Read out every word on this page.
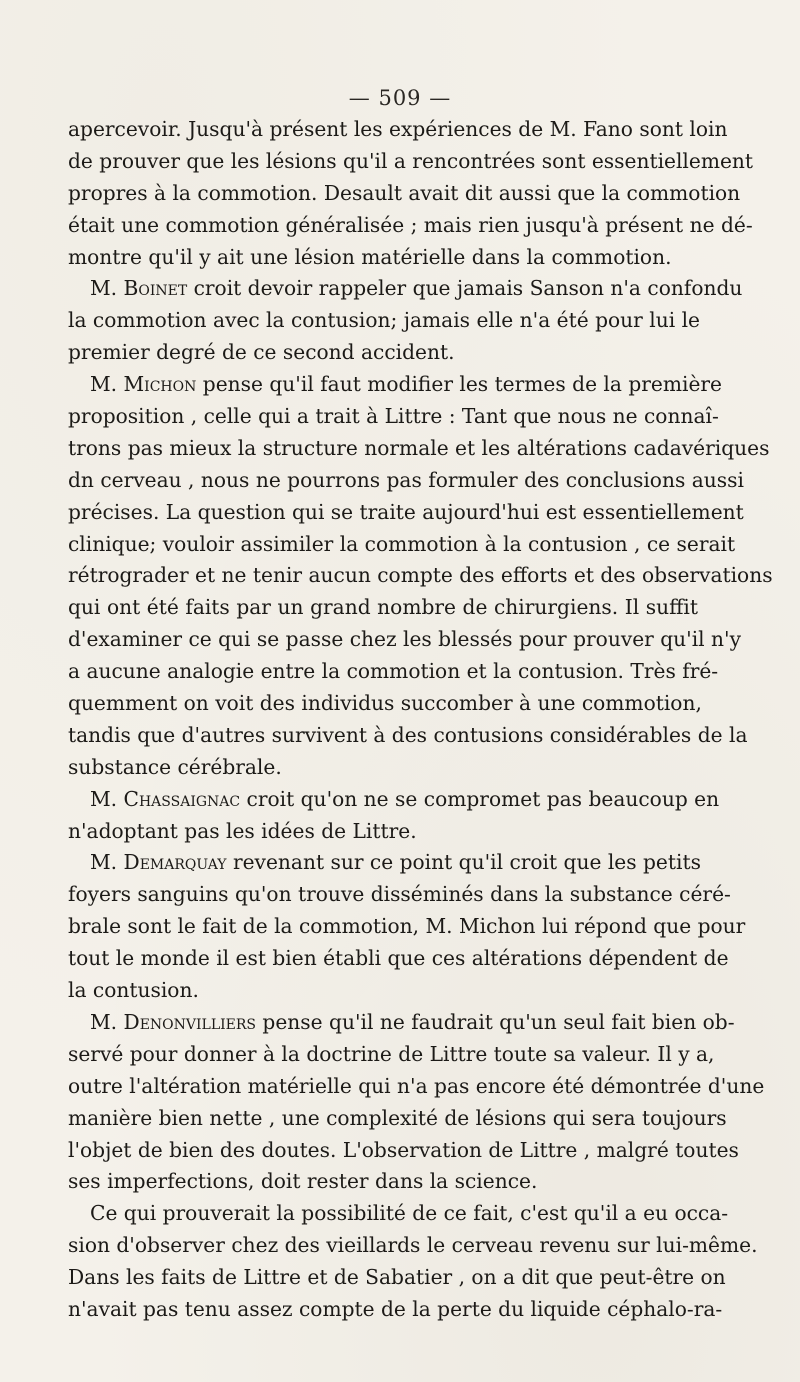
— 509 —
apercevoir. Jusqu'à présent les expériences de M. Fano sont loin
de prouver que les lésions qu'il a rencontrées sont essentiellement
propres à la commotion. Desault avait dit aussi que la commotion
était une commotion généralisée ; mais rien jusqu'à présent ne dé-
montre qu'il y ait une lésion matérielle dans la commotion.
M. Boinet croit devoir rappeler que jamais Sanson n'a confondu
la commotion avec la contusion; jamais elle n'a été pour lui le
premier degré de ce second accident.
M. Michon pense qu'il faut modifier les termes de la première
proposition , celle qui a trait à Littre : Tant que nous ne connaî-
trons pas mieux la structure normale et les altérations cadavériques
dn cerveau , nous ne pourrons pas formuler des conclusions aussi
précises. La question qui se traite aujourd'hui est essentiellement
clinique; vouloir assimiler la commotion à la contusion , ce serait
rétrograder et ne tenir aucun compte des efforts et des observations
qui ont été faits par un grand nombre de chirurgiens. Il suffit
d'examiner ce qui se passe chez les blessés pour prouver qu'il n'y
a aucune analogie entre la commotion et la contusion. Très fré-
quemment on voit des individus succomber à une commotion,
tandis que d'autres survivent à des contusions considérables de la
substance cérébrale.
M. Chassaignac croit qu'on ne se compromet pas beaucoup en
n'adoptant pas les idées de Littre.
M. Demarquay revenant sur ce point qu'il croit que les petits
foyers sanguins qu'on trouve disséminés dans la substance céré-
brale sont le fait de la commotion, M. Michon lui répond que pour
tout le monde il est bien établi que ces altérations dépendent de
la contusion.
M. Denonvilliers pense qu'il ne faudrait qu'un seul fait bien ob-
servé pour donner à la doctrine de Littre toute sa valeur. Il y a,
outre l'altération matérielle qui n'a pas encore été démontrée d'une
manière bien nette , une complexité de lésions qui sera toujours
l'objet de bien des doutes. L'observation de Littre , malgré toutes
ses imperfections, doit rester dans la science.
Ce qui prouverait la possibilité de ce fait, c'est qu'il a eu occa-
sion d'observer chez des vieillards le cerveau revenu sur lui-même.
Dans les faits de Littre et de Sabatier , on a dit que peut-être on
n'avait pas tenu assez compte de la perte du liquide céphalo-ra-
